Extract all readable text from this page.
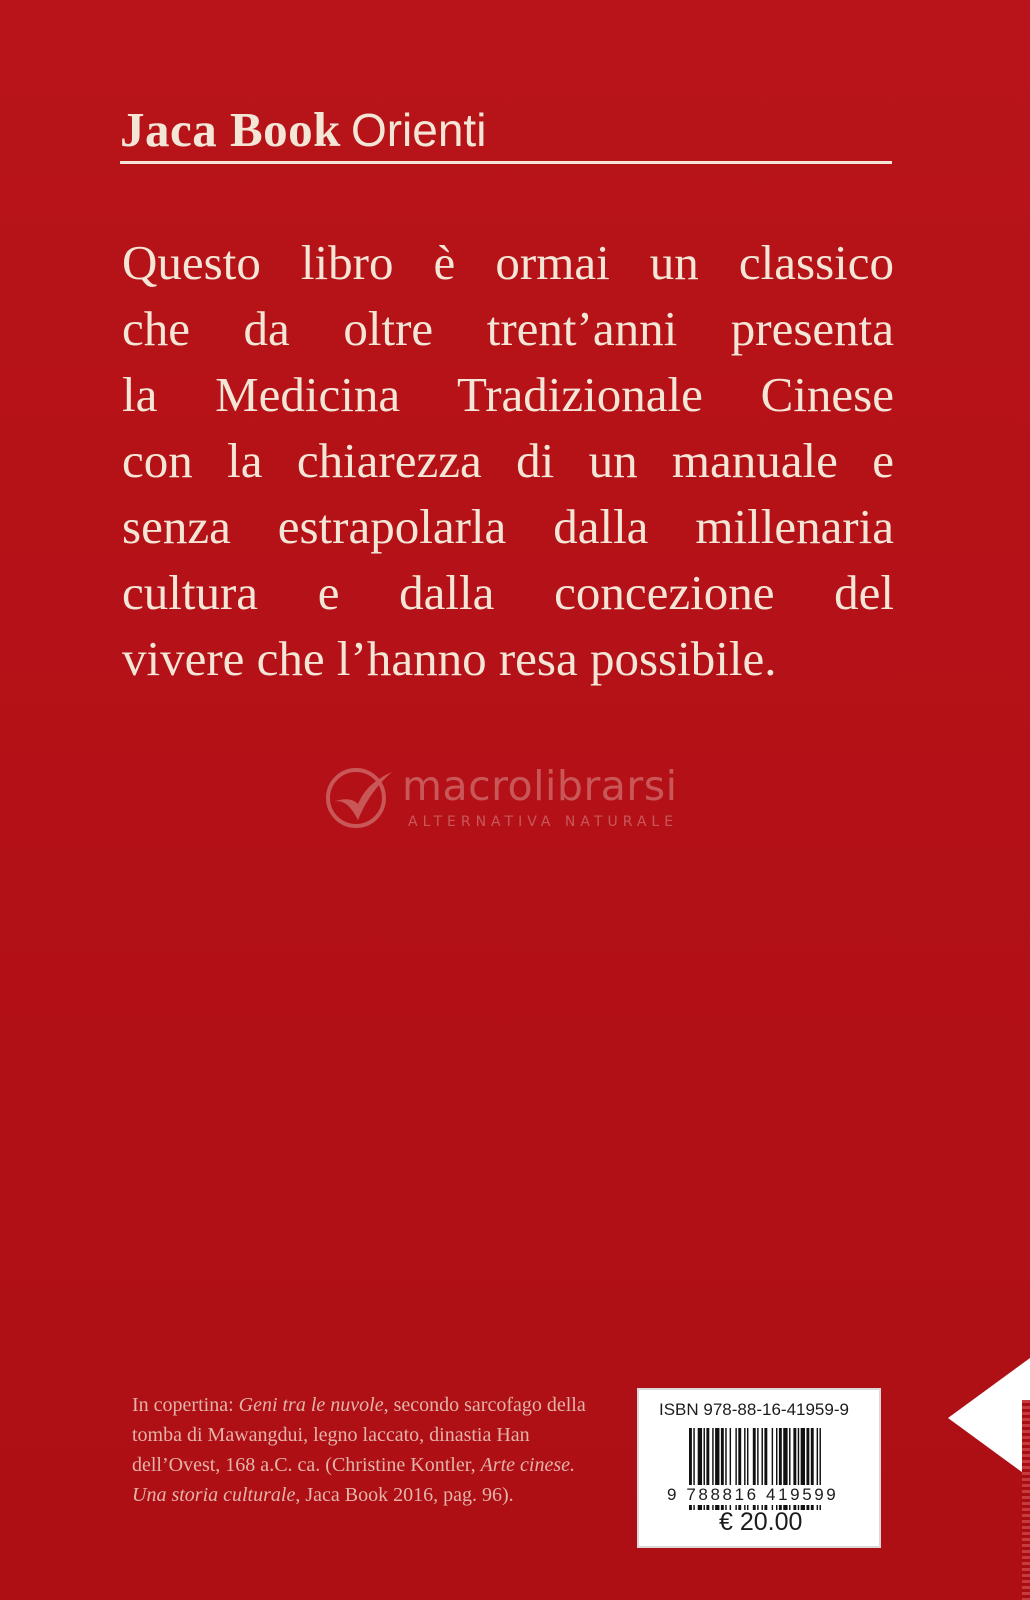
Jaca Book Orienti
Questo libro è ormai un classico
che da oltre trent’anni presenta
la Medicina Tradizionale Cinese
con la chiarezza di un manuale e
senza estrapolarla dalla millenaria
cultura e dalla concezione del
vivere che l’hanno resa possibile.
macrolibrarsi
ALTERNATIVA NATURALE
In copertina: Geni tra le nuvole, secondo sarcofago della tomba di Mawangdui, legno laccato, dinastia Han dell’Ovest, 168 a.C. ca. (Christine Kontler, Arte cinese. Una storia culturale, Jaca Book 2016, pag. 96).
ISBN 978-88-16-41959-9
9 788816 419599
€ 20.00
